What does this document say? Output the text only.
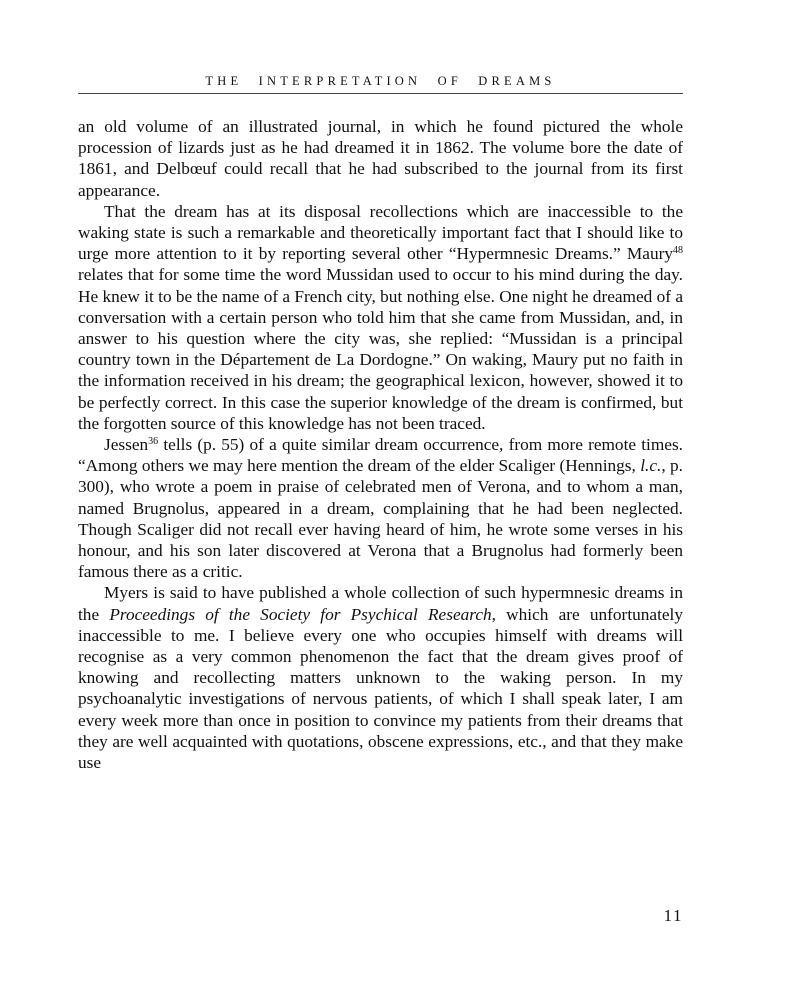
THE INTERPRETATION OF DREAMS

an old volume of an illustrated journal, in which he found pictured the whole procession of lizards just as he had dreamed it in 1862. The volume bore the date of 1861, and Delbœuf could recall that he had subscribed to the journal from its first appearance.

That the dream has at its disposal recollections which are inaccessible to the waking state is such a remarkable and theoretically important fact that I should like to urge more attention to it by reporting several other “Hypermnesic Dreams.” Maury$^{48}$ relates that for some time the word Mussidan used to occur to his mind during the day. He knew it to be the name of a French city, but nothing else. One night he dreamed of a conversation with a certain person who told him that she came from Mussidan, and, in answer to his question where the city was, she replied: “Mussidan is a principal country town in the Département de La Dordogne.” On waking, Maury put no faith in the information received in his dream; the geographical lexicon, however, showed it to be perfectly correct. In this case the superior knowledge of the dream is confirmed, but the forgotten source of this knowledge has not been traced.

Jessen$^{36}$ tells (p. 55) of a quite similar dream occurrence, from more remote times. “Among others we may here mention the dream of the elder Scaliger (Hennings, l.c., p. 300), who wrote a poem in praise of celebrated men of Verona, and to whom a man, named Brugnolus, appeared in a dream, complaining that he had been neglected. Though Scaliger did not recall ever having heard of him, he wrote some verses in his honour, and his son later discovered at Verona that a Brugnolus had formerly been famous there as a critic.

Myers is said to have published a whole collection of such hypermnesic dreams in the Proceedings of the Society for Psychical Research, which are unfortunately inaccessible to me. I believe every one who occupies himself with dreams will recognise as a very common phenomenon the fact that the dream gives proof of knowing and recollecting matters unknown to the waking person. In my psychoanalytic investigations of nervous patients, of which I shall speak later, I am every week more than once in position to convince my patients from their dreams that they are well acquainted with quotations, obscene expressions, etc., and that they make use

11
